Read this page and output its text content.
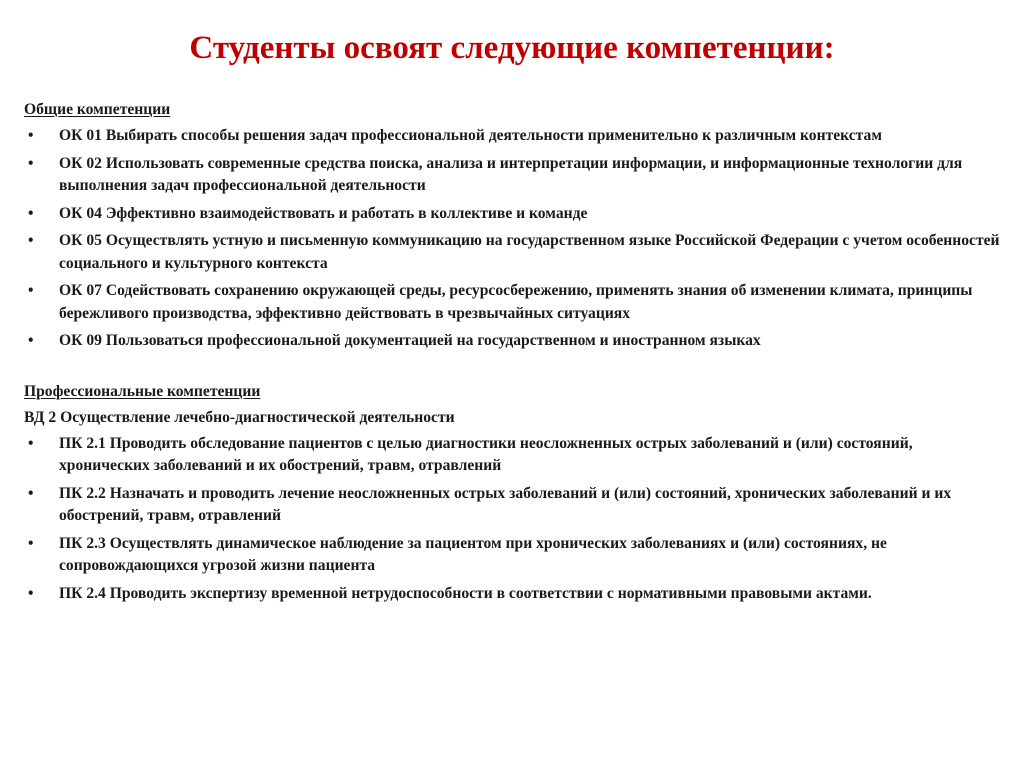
Студенты освоят следующие компетенции:
Общие компетенции
•	ОК 01 Выбирать способы решения задач профессиональной деятельности применительно к различным контекстам
•	ОК 02 Использовать современные средства поиска, анализа и интерпретации информации, и информационные технологии для выполнения задач профессиональной деятельности
•	ОК 04 Эффективно взаимодействовать и работать в коллективе и команде
•	ОК 05 Осуществлять устную и письменную коммуникацию на государственном языке Российской Федерации с учетом особенностей социального и культурного контекста
•	ОК 07 Содействовать сохранению окружающей среды, ресурсосбережению, применять знания об изменении климата, принципы бережливого производства, эффективно действовать в чрезвычайных ситуациях
•	ОК 09 Пользоваться профессиональной документацией на государственном и иностранном языках
Профессиональные компетенции
ВД 2 Осуществление лечебно-диагностической деятельности
•	ПК 2.1 Проводить обследование пациентов с целью диагностики неосложненных острых заболеваний и (или) состояний, хронических заболеваний и их обострений, травм, отравлений
•	ПК 2.2 Назначать и проводить лечение неосложненных острых заболеваний и (или) состояний, хронических заболеваний и их обострений, травм, отравлений
•	ПК 2.3 Осуществлять динамическое наблюдение за пациентом при хронических заболеваниях и (или) состояниях, не сопровождающихся угрозой жизни пациента
•	ПК 2.4 Проводить экспертизу временной нетрудоспособности в соответствии с нормативными правовыми актами.
